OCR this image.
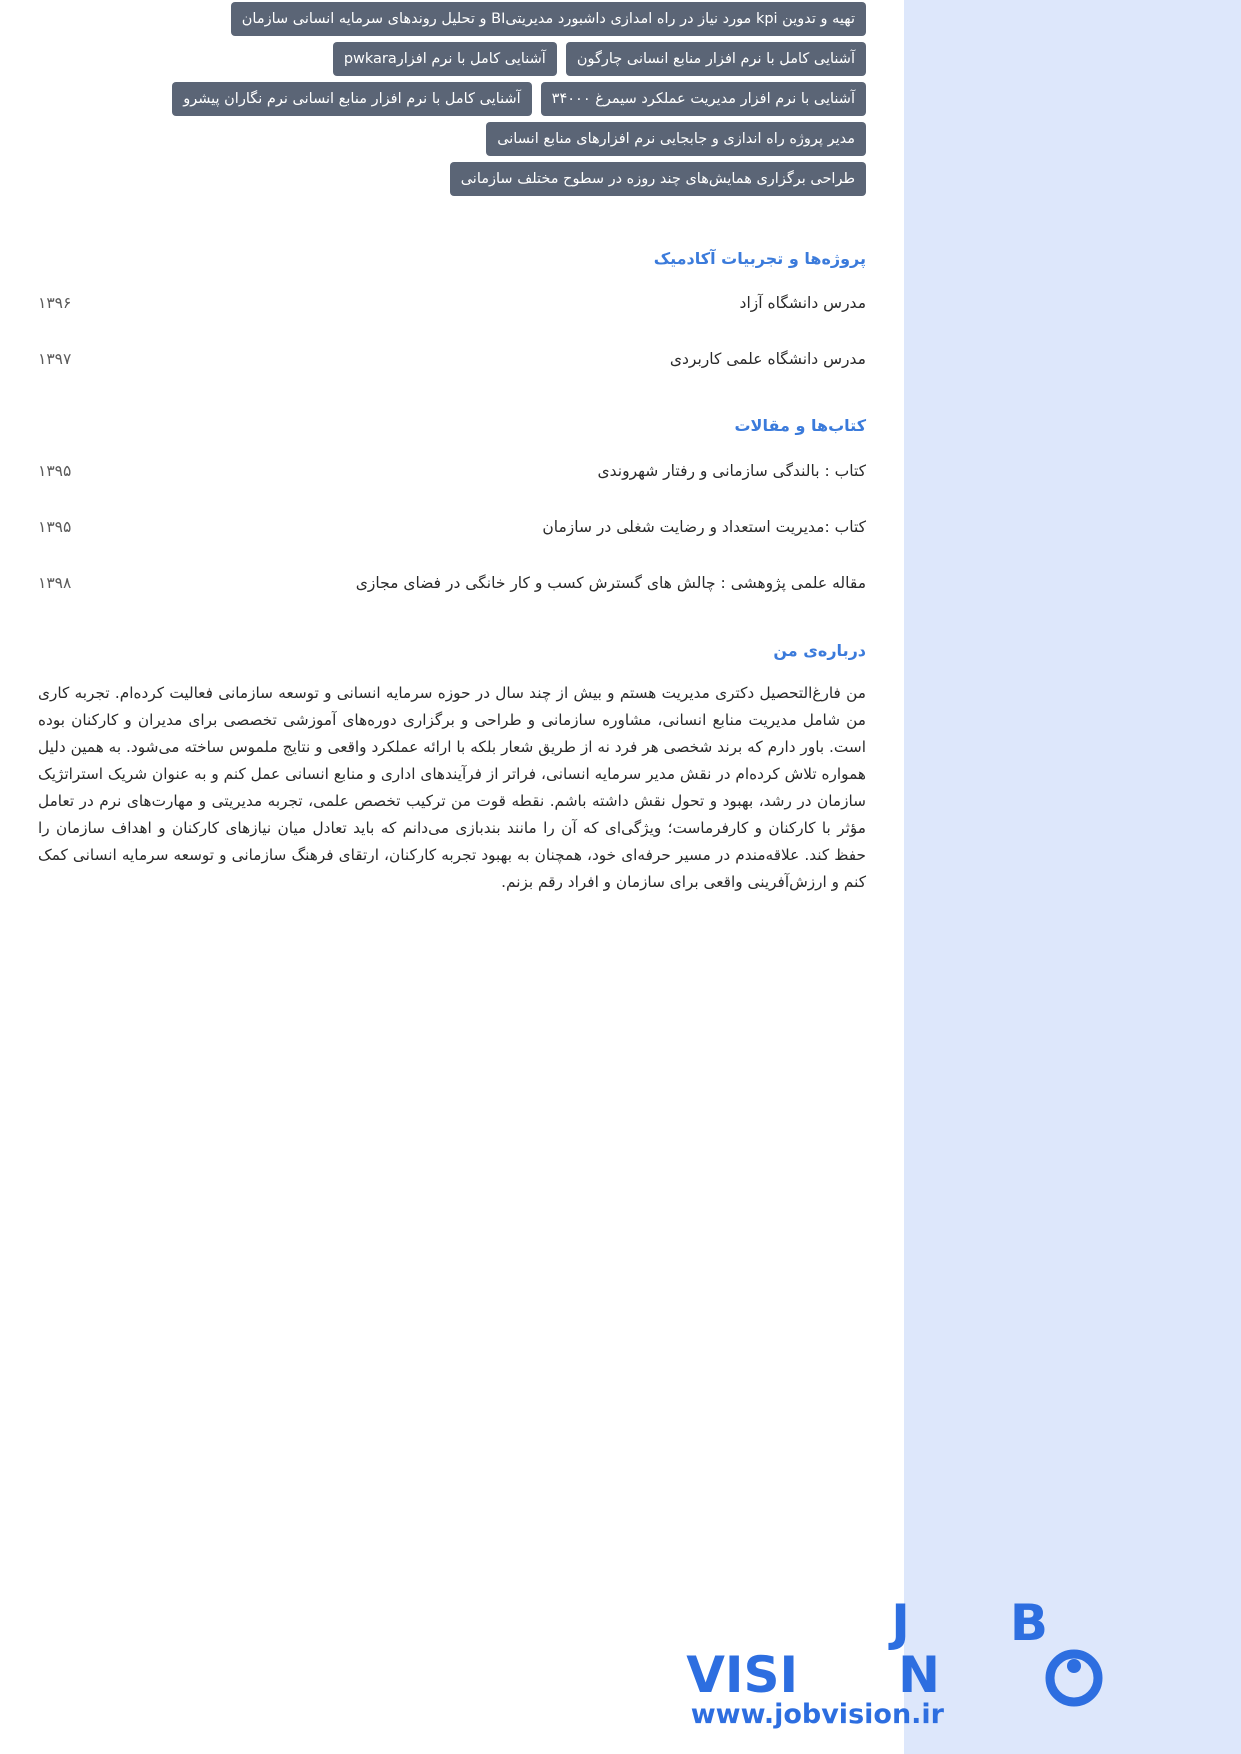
تهیه و تدوین kpi مورد نیاز در راه امدازی داشبورد مدیریتیBI و تحلیل روندهای سرمایه انسانی سازمان
آشنایی کامل با نرم افزار منابع انسانی چارگون
آشنایی کامل با نرم افزارpwkara
آشنایی با نرم افزار مدیریت عملکرد سیمرغ ۳۴۰۰۰
آشنایی کامل با نرم افزار منابع انسانی نرم نگاران پیشرو
مدیر پروژه راه اندازی و جابجایی نرم افزارهای منابع انسانی
طراحی برگزاری همایش‌های چند روزه در سطوح مختلف سازمانی
پروژه‌ها و تجربیات آکادمیک
مدرس دانشگاه آزاد
۱۳۹۶
مدرس دانشگاه علمی کاربردی
۱۳۹۷
کتاب‌ها و مقالات
کتاب : بالندگی سازمانی و رفتار شهروندی
۱۳۹۵
کتاب :مدیریت استعداد و رضایت شغلی در سازمان
۱۳۹۵
مقاله علمی پژوهشی : چالش های گسترش کسب و کار خانگی در فضای مجازی
۱۳۹۸
درباره‌ی من
من فارغ‌التحصیل دکتری مدیریت هستم و بیش از چند سال در حوزه سرمایه انسانی و توسعه سازمانی فعالیت کرده‌ام. تجربه کاری من شامل مدیریت منابع انسانی، مشاوره سازمانی و طراحی و برگزاری دوره‌های آموزشی تخصصی برای مدیران و کارکنان بوده است. باور دارم که برند شخصی هر فرد نه از طریق شعار بلکه با ارائه عملکرد واقعی و نتایج ملموس ساخته می‌شود. به همین دلیل همواره تلاش کرده‌ام در نقش مدیر سرمایه انسانی، فراتر از فرآیندهای اداری و منابع انسانی عمل کنم و به عنوان شریک استراتژیک سازمان در رشد، بهبود و تحول نقش داشته باشم. نقطه قوت من ترکیب تخصص علمی، تجربه مدیریتی و مهارت‌های نرم در تعامل مؤثر با کارکنان و کارفرماست؛ ویژگی‌ای که آن را مانند بندبازی می‌دانم که باید تعادل میان نیازهای کارکنان و اهداف سازمان را حفظ کند. علاقه‌مندم در مسیر حرفه‌ای خود، همچنان به بهبود تجربه کارکنان، ارتقای فرهنگ سازمانی و توسعه سرمایه انسانی کمک کنم و ارزش‌آفرینی واقعی برای سازمان و افراد رقم بزنم.
J  B
VISI  N
www.jobvision.ir
